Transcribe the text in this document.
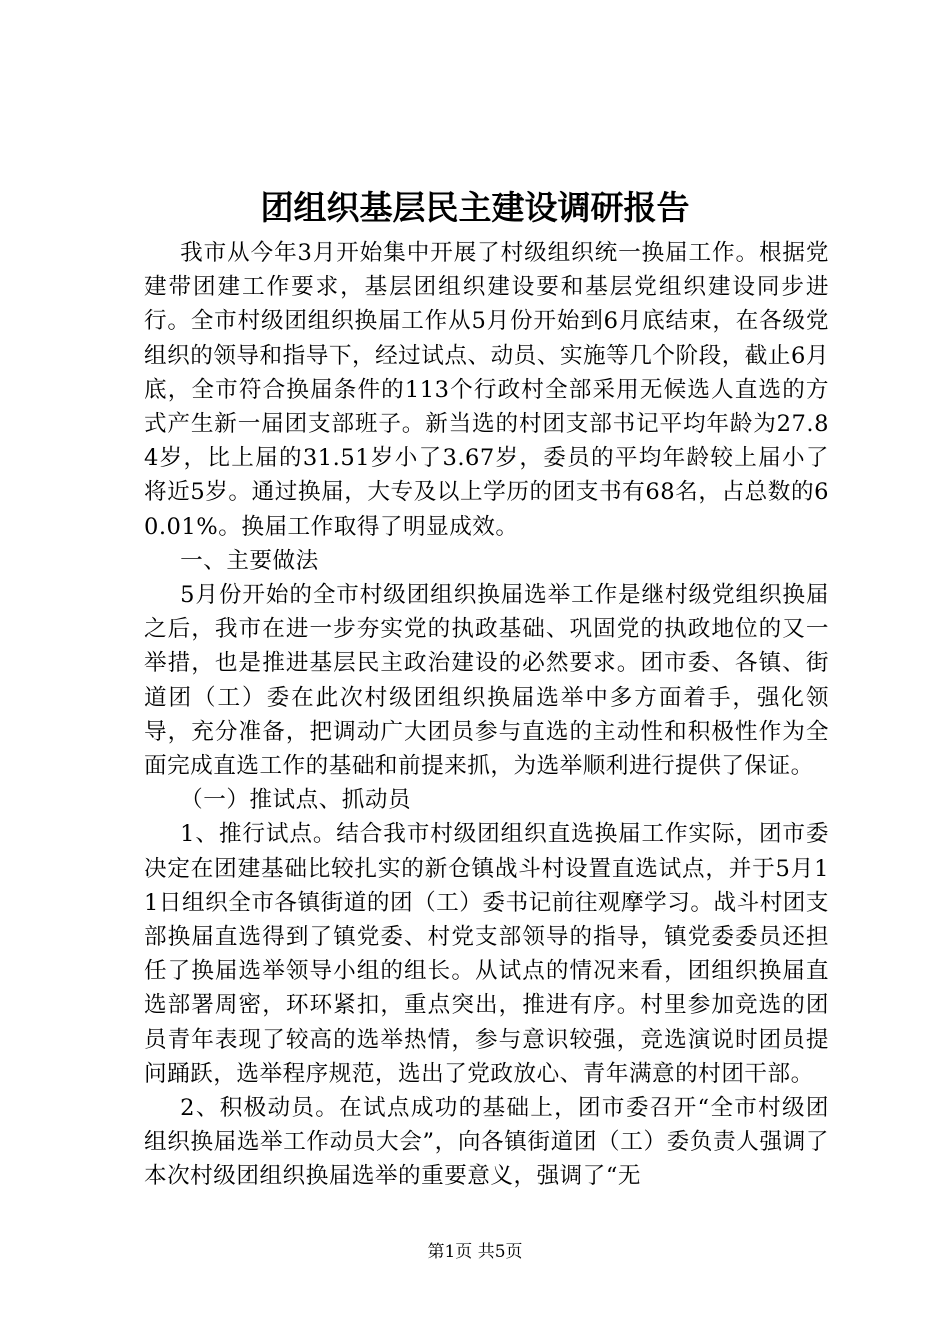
团组织基层民主建设调研报告

我市从今年3月开始集中开展了村级组织统一换届工作。根据党建带团建工作要求，基层团组织建设要和基层党组织建设同步进行。全市村级团组织换届工作从5月份开始到6月底结束，在各级党组织的领导和指导下，经过试点、动员、实施等几个阶段，截止6月底，全市符合换届条件的113个行政村全部采用无候选人直选的方式产生新一届团支部班子。新当选的村团支部书记平均年龄为27.84岁，比上届的31.51岁小了3.67岁，委员的平均年龄较上届小了将近5岁。通过换届，大专及以上学历的团支书有68名，占总数的60.01%。换届工作取得了明显成效。

一、主要做法

5月份开始的全市村级团组织换届选举工作是继村级党组织换届之后，我市在进一步夯实党的执政基础、巩固党的执政地位的又一举措，也是推进基层民主政治建设的必然要求。团市委、各镇、街道团（工）委在此次村级团组织换届选举中多方面着手，强化领导，充分准备，把调动广大团员参与直选的主动性和积极性作为全面完成直选工作的基础和前提来抓，为选举顺利进行提供了保证。

（一）推试点、抓动员

1、推行试点。结合我市村级团组织直选换届工作实际，团市委决定在团建基础比较扎实的新仓镇战斗村设置直选试点，并于5月11日组织全市各镇街道的团（工）委书记前往观摩学习。战斗村团支部换届直选得到了镇党委、村党支部领导的指导，镇党委委员还担任了换届选举领导小组的组长。从试点的情况来看，团组织换届直选部署周密，环环紧扣，重点突出，推进有序。村里参加竞选的团员青年表现了较高的选举热情，参与意识较强，竞选演说时团员提问踊跃，选举程序规范，选出了党政放心、青年满意的村团干部。

2、积极动员。在试点成功的基础上，团市委召开“全市村级团组织换届选举工作动员大会”，向各镇街道团（工）委负责人强调了本次村级团组织换届选举的重要意义，强调了“无

第1页 共5页
